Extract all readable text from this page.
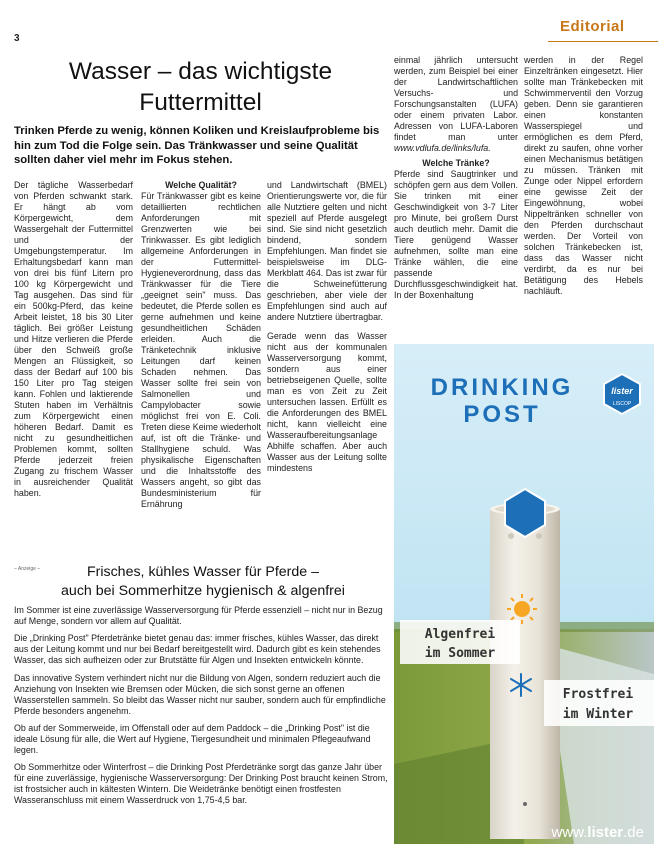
3
Editorial
Wasser – das wichtigste
Futtermittel
Trinken Pferde zu wenig, können Koliken und Kreislaufprobleme bis hin zum Tod die Folge sein. Das Tränkwasser und seine Qualität sollten daher viel mehr im Fokus stehen.

Der tägliche Wasserbedarf von Pferden schwankt stark. Er hängt ab vom Körpergewicht, dem Wassergehalt der Futtermittel und der Umgebungstemperatur. Im Erhaltungsbedarf kann man von drei bis fünf Litern pro 100 kg Körpergewicht und Tag ausgehen. Das sind für ein 500kg-Pferd, das keine Arbeit leistet, 18 bis 30 Liter täglich. Bei größer Leistung und Hitze verlieren die Pferde über den Schweiß große Mengen an Flüssigkeit, so dass der Bedarf auf 100 bis 150 Liter pro Tag steigen kann. Fohlen und laktierende Stuten haben im Verhältnis zum Körpergewicht einen höheren Bedarf. Damit es nicht zu gesundheitlichen Problemen kommt, sollten Pferde jederzeit freien Zugang zu frischem Wasser in ausreichender Qualität haben.

Welche Qualität?

Für Tränkwasser gibt es keine detaillierten rechtlichen Anforderungen mit Grenzwerten wie bei Trinkwasser. Es gibt lediglich allgemeine Anforderungen in der Futtermittel-Hygieneverordnung, dass das Tränkwasser für die Tiere „geeignet sein" muss. Das bedeutet, die Pferde sollen es gerne aufnehmen und keine gesundheitlichen Schäden erleiden. Auch die Tränketechnik inklusive Leitungen darf keinen Schaden nehmen. Das Wasser sollte frei sein von Salmonellen und Campylobacter sowie möglichst frei von E. Coli. Treten diese Keime wiederholt auf, ist oft die Tränke- und Stallhygiene schuld. Was physikalische Eigenschaften und die Inhaltsstoffe des Wassers angeht, so gibt das Bundesministerium für Ernährung

und Landwirtschaft (BMEL) Orientierungswerte vor, die für alle Nutztiere gelten und nicht speziell auf Pferde ausgelegt sind. Sie sind nicht gesetzlich bindend, sondern Empfehlungen. Man findet sie beispielsweise im DLG-Merkblatt 464. Das ist zwar für die Schweinefütterung geschrieben, aber viele der Empfehlungen sind auch auf andere Nutztiere übertragbar.

Gerade wenn das Wasser nicht aus der kommunalen Wasserversorgung kommt, sondern aus einer betriebseigenen Quelle, sollte man es von Zeit zu Zeit untersuchen lassen. Erfüllt es die Anforderungen des BMEL nicht, kann vielleicht eine Wasseraufbereitungsanlage Abhilfe schaffen. Aber auch Wasser aus der Leitung sollte mindestens

einmal jährlich untersucht werden, zum Beispiel bei einer der Landwirtschaftlichen Versuchs- und Forschungsanstalten (LUFA) oder einem privaten Labor. Adressen von LUFA-Laboren findet man unter www.vdlufa.de/links/lufa.

Welche Tränke?

Pferde sind Saugtrinker und schöpfen gern aus dem Vollen. Sie trinken mit einer Geschwindigkeit von 3-7 Liter pro Minute, bei großem Durst auch deutlich mehr. Damit die Tiere genügend Wasser aufnehmen, sollte man eine Tränke wählen, die eine passende Durchflussgeschwindigkeit hat. In der Boxenhaltung

werden in der Regel Einzeltränken eingesetzt. Hier sollte man Tränkebecken mit Schwimmerventil den Vorzug geben. Denn sie garantieren einen konstanten Wasserspiegel und ermöglichen es dem Pferd, direkt zu saufen, ohne vorher einen Mechanismus betätigen zu müssen. Tränken mit Zunge oder Nippel erfordern eine gewisse Zeit der Eingewöhnung, wobei Nippeltränken schneller von den Pferden durchschaut werden. Der Vorteil von solchen Tränkebecken ist, dass das Wasser nicht verdirbt, da es nur bei Betätigung des Hebels nachläuft.

– Anzeige –	Frisches, kühles Wasser für Pferde –
auch bei Sommerhitze hygienisch & algenfrei

Im Sommer ist eine zuverlässige Wasserversorgung für Pferde essenziell – nicht nur in Bezug auf Menge, sondern vor allem auf Qualität.

Die „Drinking Post" Pferdetränke bietet genau das: immer frisches, kühles Wasser, das direkt aus der Leitung kommt und nur bei Bedarf bereitgestellt wird. Dadurch gibt es kein stehendes Wasser, das sich aufheizen oder zur Brutstätte für Algen und Insekten entwickeln könnte.

Das innovative System verhindert nicht nur die Bildung von Algen, sondern reduziert auch die Anziehung von Insekten wie Bremsen oder Mücken, die sich sonst gerne an offenen Wasserstellen sammeln. So bleibt das Wasser nicht nur sauber, sondern auch für empfindliche Pferde besonders angenehm.

Ob auf der Sommerweide, im Offenstall oder auf dem Paddock – die „Drinking Post" ist die ideale Lösung für alle, die Wert auf Hygiene, Tiergesundheit und minimalen Pflegeaufwand legen.

Ob Sommerhitze oder Winterfrost – die Drinking Post Pferdetränke sorgt das ganze Jahr über für eine zuverlässige, hygienische Wasserversorgung: Der Drinking Post braucht keinen Strom, ist frostsicher auch in kältesten Wintern. Die Weidetränke benötigt einen frostfesten Wasseranschluss mit einem Wasserdruck von 1,75-4,5 bar.

DRINKING
POST
lister
LISCOP
Algenfrei
im Sommer
Frostfrei
im Winter
www.lister.de
